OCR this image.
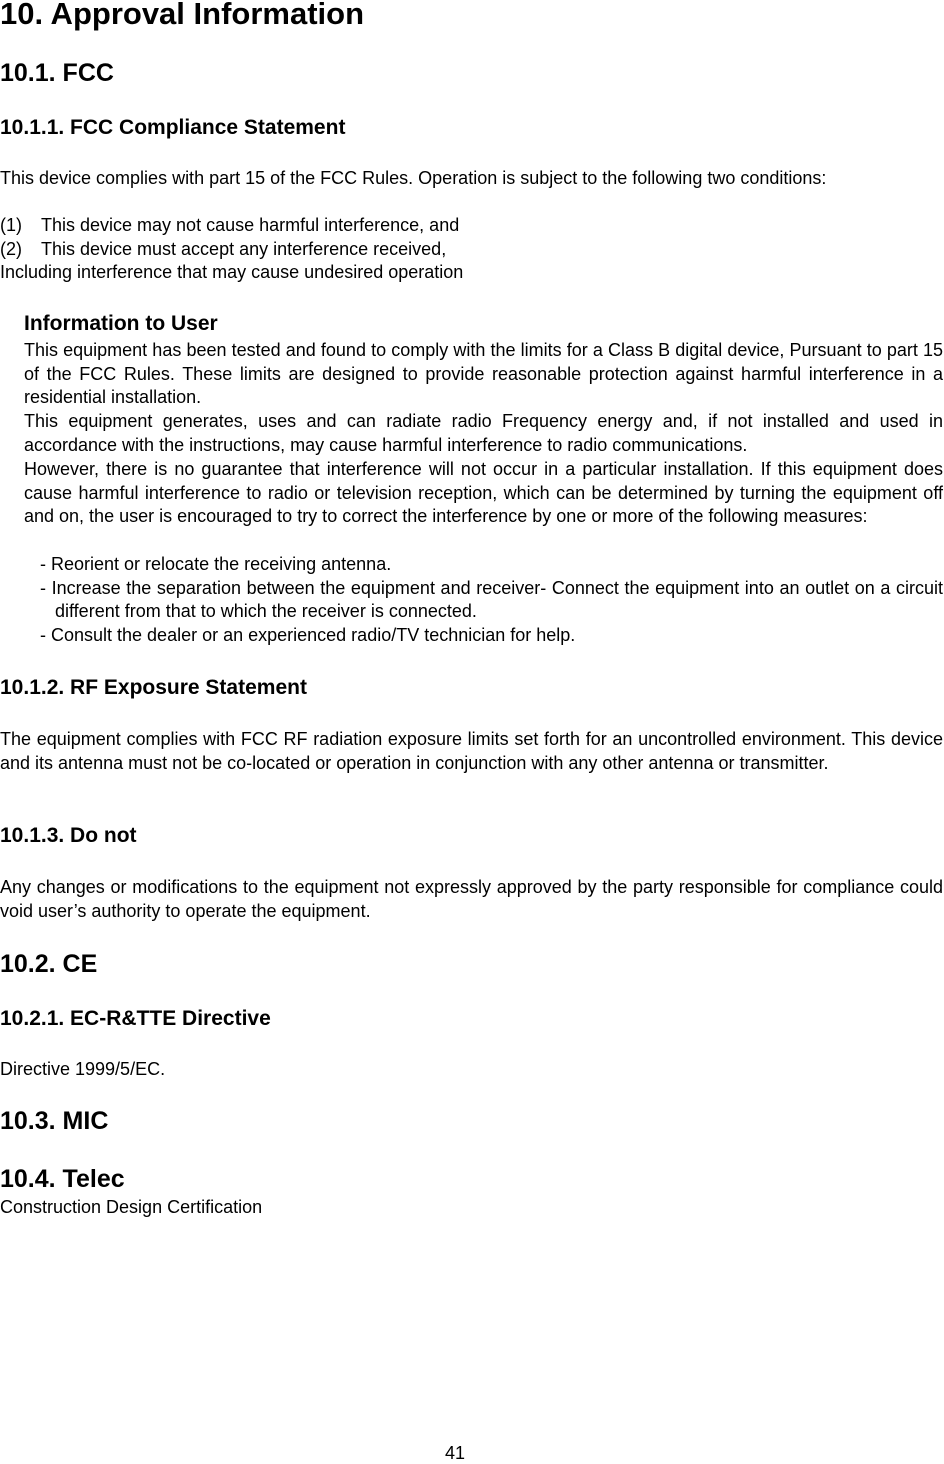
10. Approval Information
10.1. FCC
10.1.1. FCC Compliance Statement

This device complies with part 15 of the FCC Rules. Operation is subject to the following two conditions:

(1)	This device may not cause harmful interference, and
(2)	This device must accept any interference received,

Including interference that may cause undesired operation

Information to User

This equipment has been tested and found to comply with the limits for a Class B digital device, Pursuant to part 15 of the FCC Rules. These limits are designed to provide reasonable protection against harmful interference in a residential installation.

This equipment generates, uses and can radiate radio Frequency energy and, if not installed and used in accordance with the instructions, may cause harmful interference to radio communications.

However, there is no guarantee that interference will not occur in a particular installation. If this equipment does cause harmful interference to radio or television reception, which can be determined by turning the equipment off and on, the user is encouraged to try to correct the interference by one or more of the following measures:

- Reorient or relocate the receiving antenna.

- Increase the separation between the equipment and receiver- Connect the equipment into an outlet on a circuit different from that to which the receiver is connected.

- Consult the dealer or an experienced radio/TV technician for help.

10.1.2. RF Exposure Statement

The equipment complies with FCC RF radiation exposure limits set forth for an uncontrolled environment. This device and its antenna must not be co-located or operation in conjunction with any other antenna or transmitter.

10.1.3. Do not

Any changes or modifications to the equipment not expressly approved by the party responsible for compliance could void user’s authority to operate the equipment.

10.2. CE
10.2.1. EC-R&TTE Directive

Directive 1999/5/EC.

10.3. MIC
10.4. Telec

Construction Design Certification

41
